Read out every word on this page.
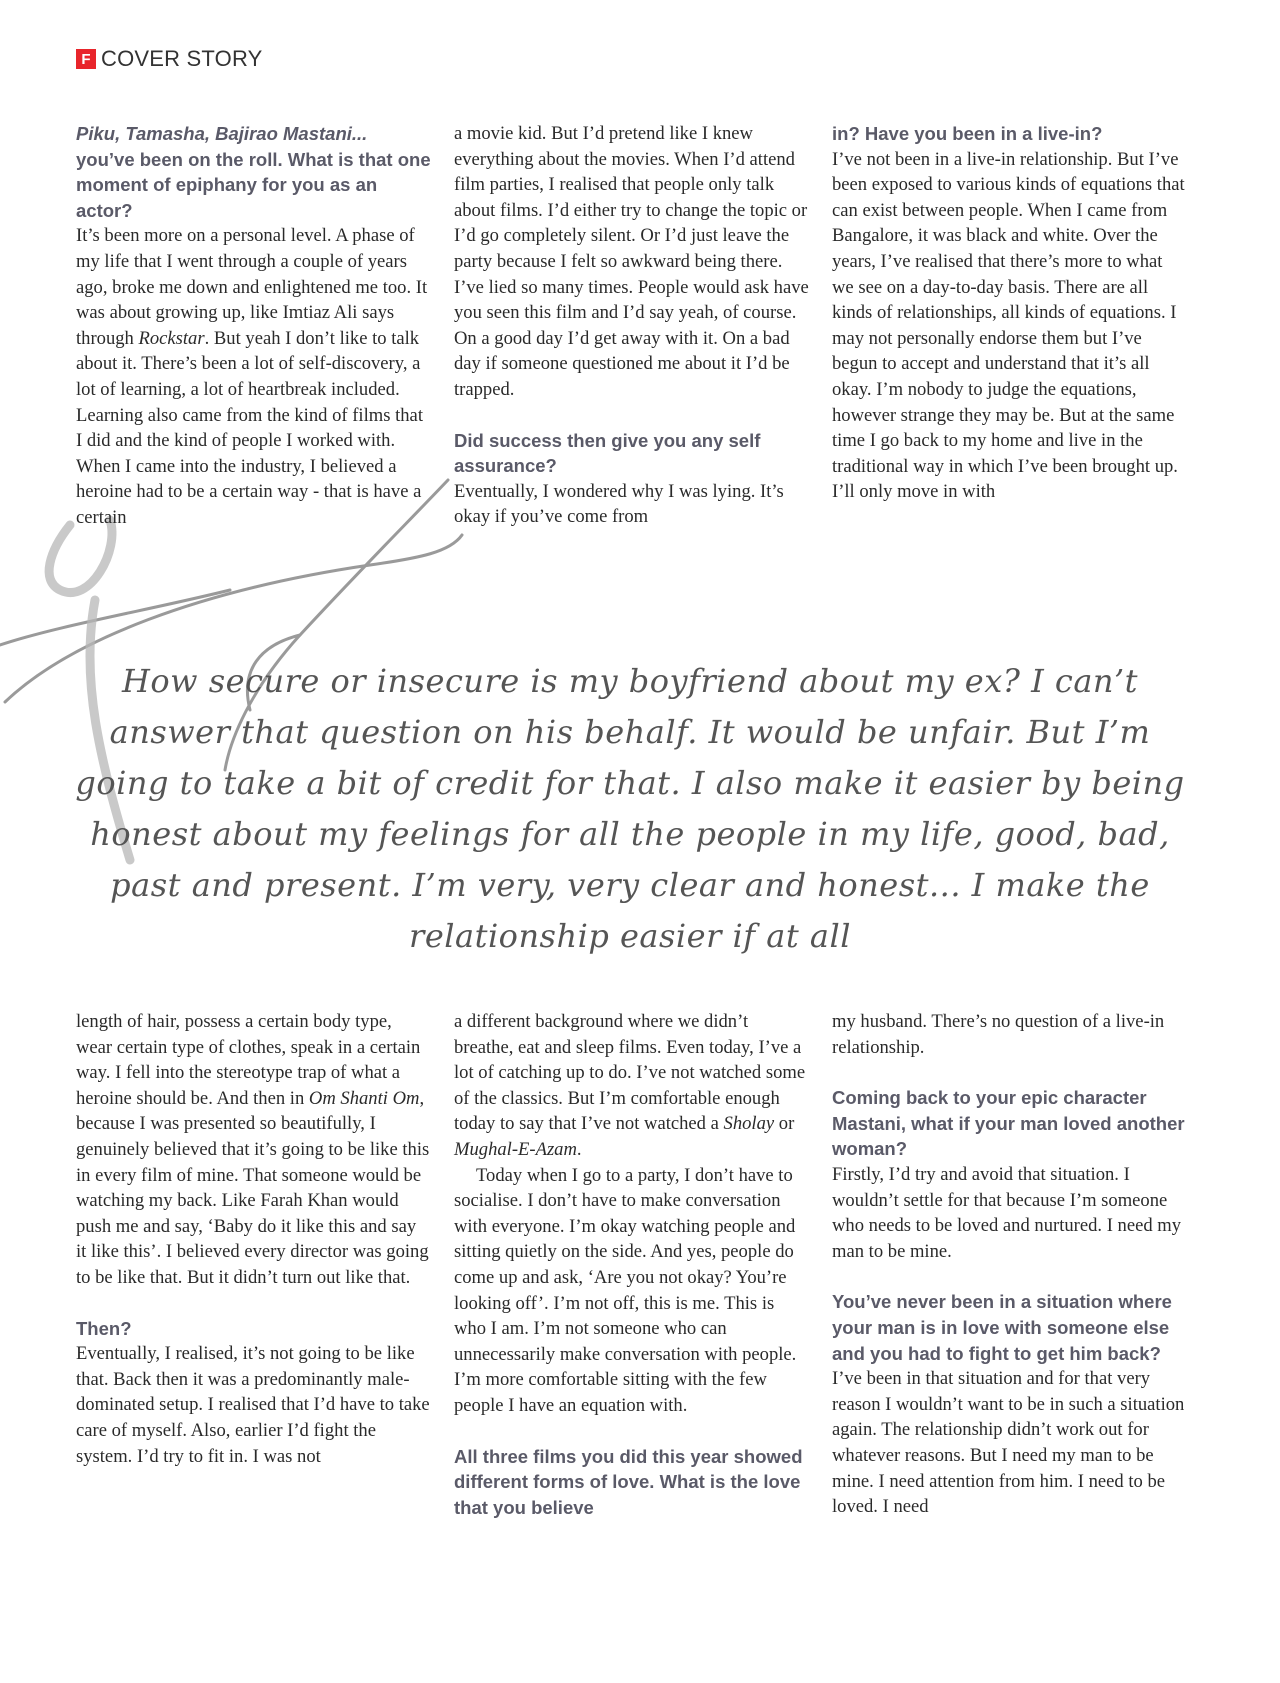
F COVER STORY

Piku, Tamasha, Bajirao Mastani... you’ve been on the roll. What is that one moment of epiphany for you as an actor?

It’s been more on a personal level. A phase of my life that I went through a couple of years ago, broke me down and enlightened me too. It was about growing up, like Imtiaz Ali says through Rockstar. But yeah I don’t like to talk about it. There’s been a lot of self-discovery, a lot of learning, a lot of heartbreak included. Learning also came from the kind of films that I did and the kind of people I worked with. When I came into the industry, I believed a heroine had to be a certain way - that is have a certain

a movie kid. But I’d pretend like I knew everything about the movies. When I’d attend film parties, I realised that people only talk about films. I’d either try to change the topic or I’d go completely silent. Or I’d just leave the party because I felt so awkward being there. I’ve lied so many times. People would ask have you seen this film and I’d say yeah, of course. On a good day I’d get away with it. On a bad day if someone questioned me about it I’d be trapped.

Did success then give you any self assurance?

Eventually, I wondered why I was lying. It’s okay if you’ve come from

in? Have you been in a live-in?

I’ve not been in a live-in relationship. But I’ve been exposed to various kinds of equations that can exist between people. When I came from Bangalore, it was black and white. Over the years, I’ve realised that there’s more to what we see on a day-to-day basis. There are all kinds of relationships, all kinds of equations. I may not personally endorse them but I’ve begun to accept and understand that it’s all okay. I’m nobody to judge the equations, however strange they may be. But at the same time I go back to my home and live in the traditional way in which I’ve been brought up. I’ll only move in with

How secure or insecure is my boyfriend about my ex? I can’t answer that question on his behalf. It would be unfair. But I’m going to take a bit of credit for that. I also make it easier by being honest about my feelings for all the people in my life, good, bad, past and present. I’m very, very clear and honest... I make the relationship easier if at all

length of hair, possess a certain body type, wear certain type of clothes, speak in a certain way. I fell into the stereotype trap of what a heroine should be. And then in Om Shanti Om, because I was presented so beautifully, I genuinely believed that it’s going to be like this in every film of mine. That someone would be watching my back. Like Farah Khan would push me and say, ‘Baby do it like this and say it like this’. I believed every director was going to be like that. But it didn’t turn out like that.

Then?

Eventually, I realised, it’s not going to be like that. Back then it was a predominantly male-dominated setup. I realised that I’d have to take care of myself. Also, earlier I’d fight the system. I’d try to fit in. I was not

a different background where we didn’t breathe, eat and sleep films. Even today, I’ve a lot of catching up to do. I’ve not watched some of the classics. But I’m comfortable enough today to say that I’ve not watched a Sholay or Mughal-E-Azam.

Today when I go to a party, I don’t have to socialise. I don’t have to make conversation with everyone. I’m okay watching people and sitting quietly on the side. And yes, people do come up and ask, ‘Are you not okay? You’re looking off’. I’m not off, this is me. This is who I am. I’m not someone who can unnecessarily make conversation with people. I’m more comfortable sitting with the few people I have an equation with.

All three films you did this year showed different forms of love. What is the love that you believe

my husband. There’s no question of a live-in relationship.

Coming back to your epic character Mastani, what if your man loved another woman?

Firstly, I’d try and avoid that situation. I wouldn’t settle for that because I’m someone who needs to be loved and nurtured. I need my man to be mine.

You’ve never been in a situation where your man is in love with someone else and you had to fight to get him back?

I’ve been in that situation and for that very reason I wouldn’t want to be in such a situation again. The relationship didn’t work out for whatever reasons. But I need my man to be mine. I need attention from him. I need to be loved. I need
